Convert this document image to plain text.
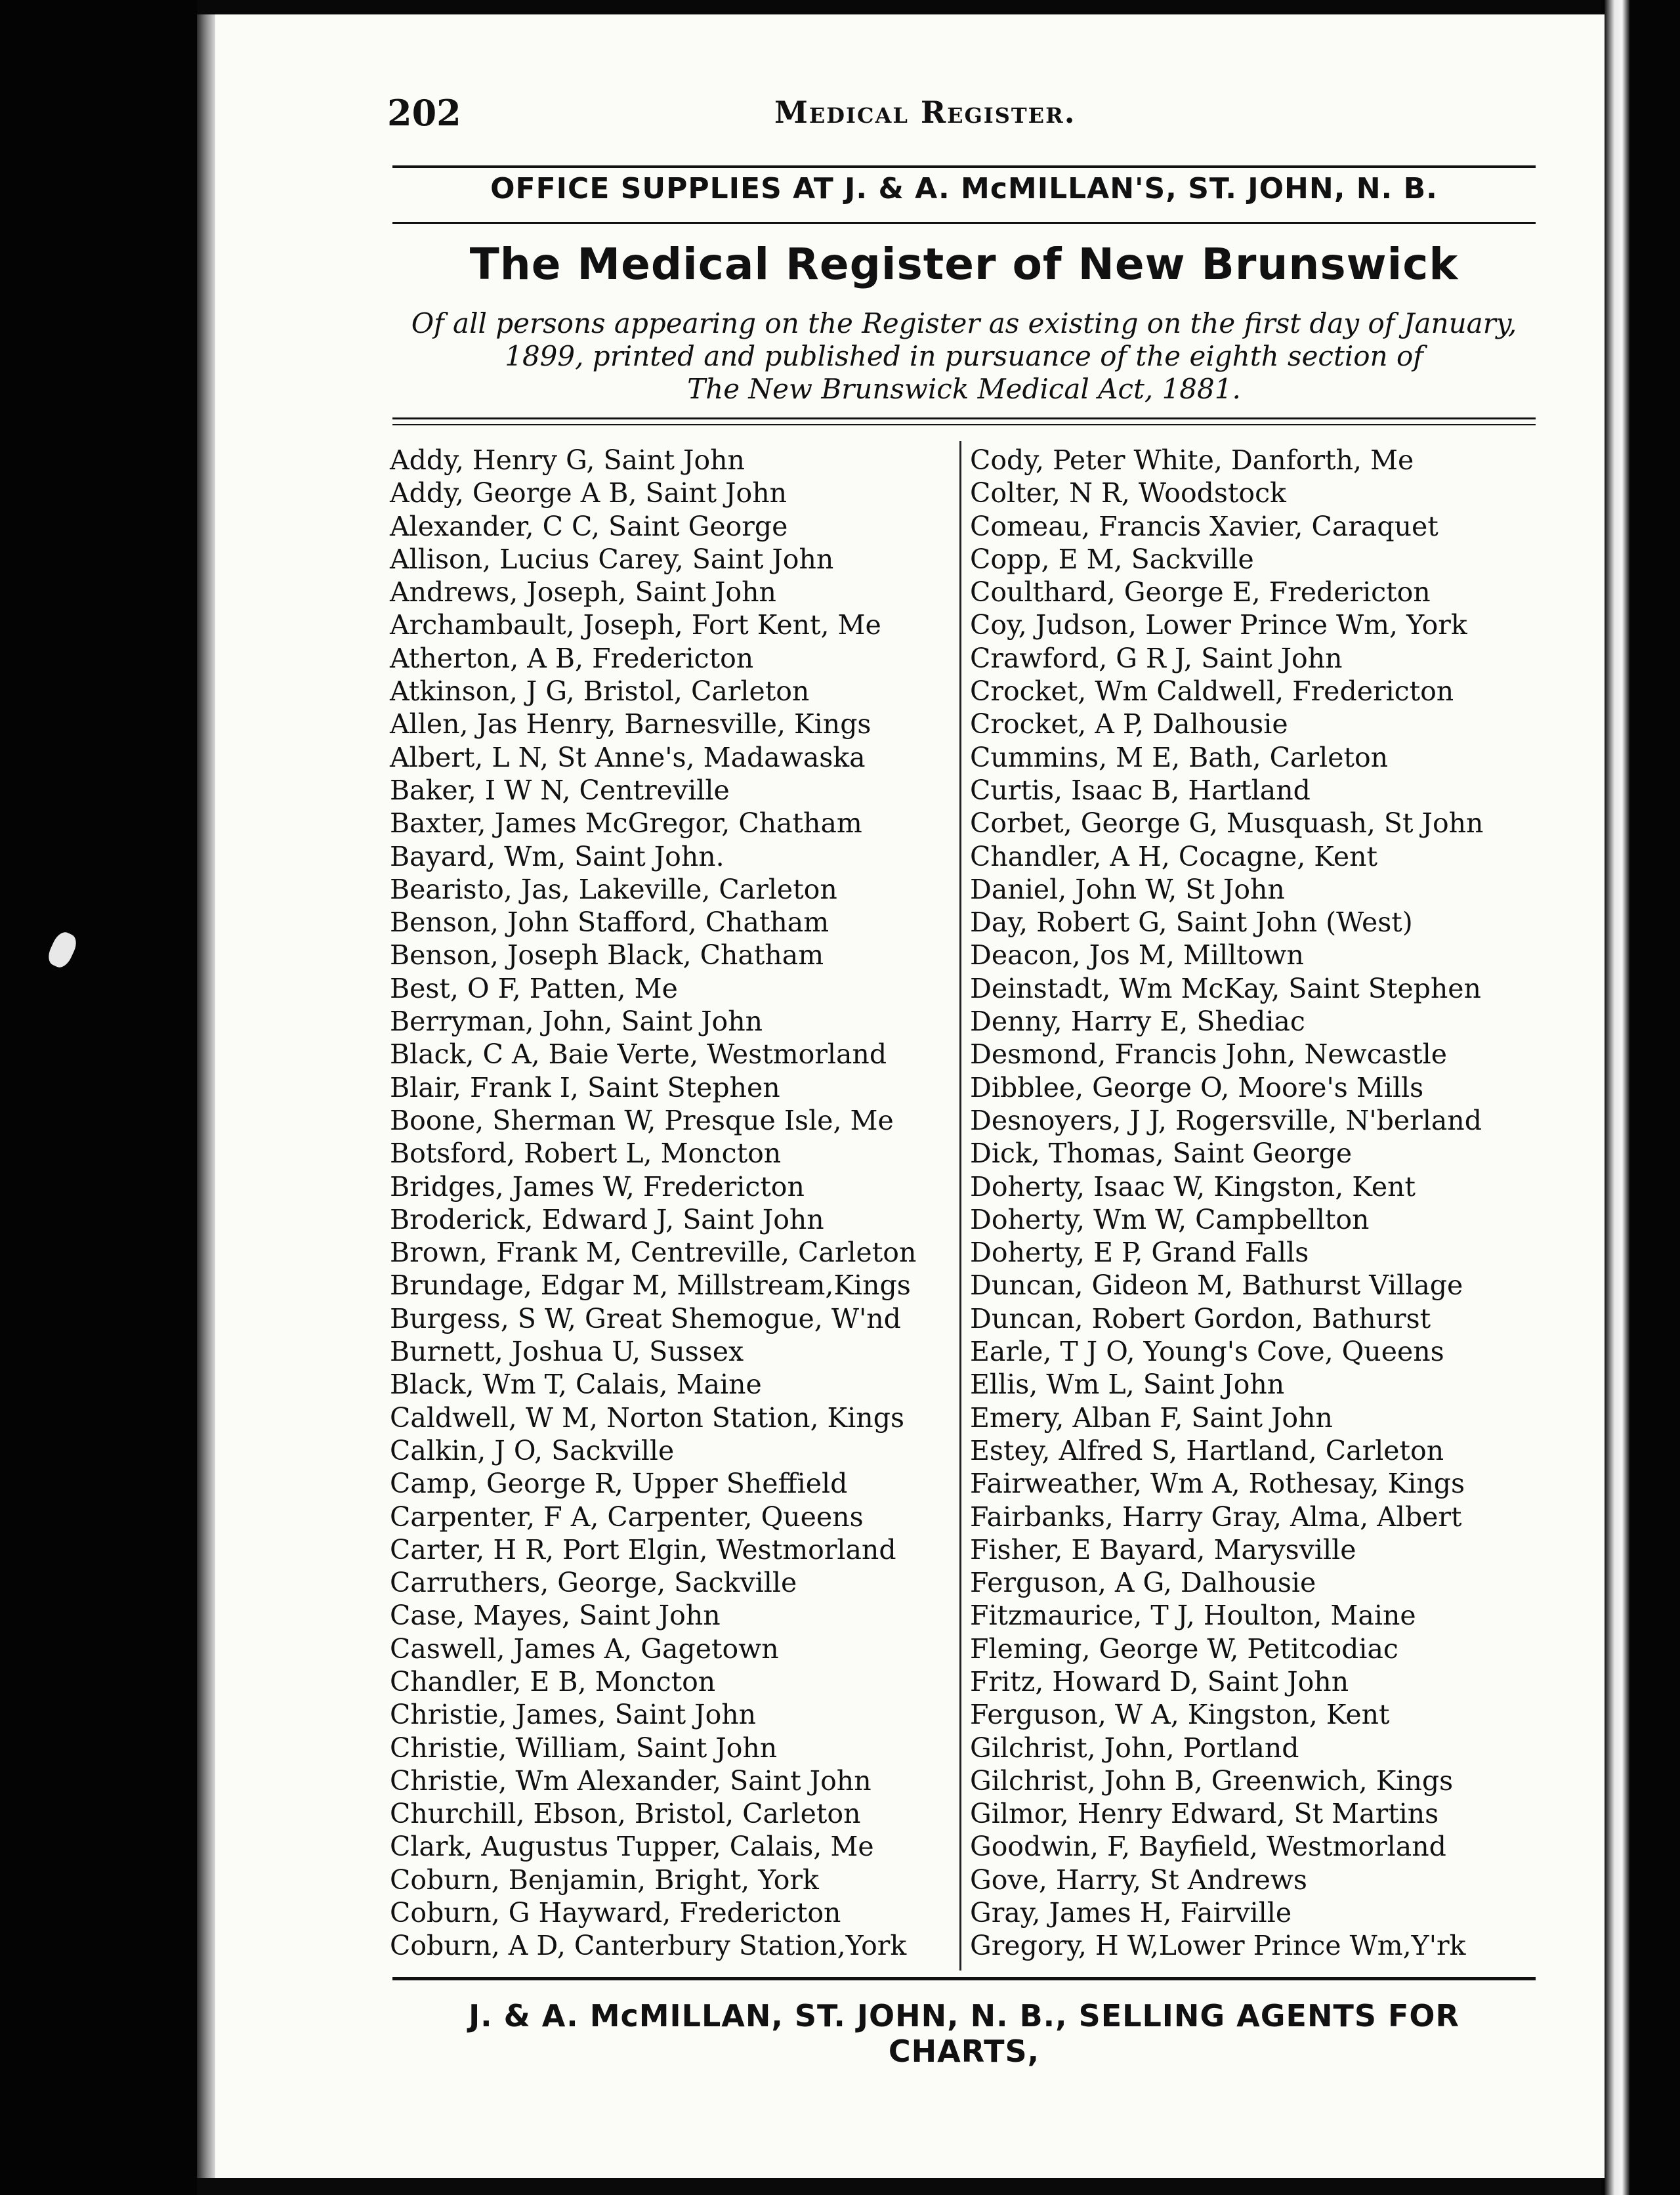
202	Medical Register.
OFFICE SUPPLIES AT J. & A. McMILLAN'S, ST. JOHN, N. B.
The Medical Register of New Brunswick
Of all persons appearing on the Register as existing on the first day of January,
1899, printed and published in pursuance of the eighth section of
The New Brunswick Medical Act, 1881.
Addy, Henry G, Saint John
Addy, George A B, Saint John
Alexander, C C, Saint George
Allison, Lucius Carey, Saint John
Andrews, Joseph, Saint John
Archambault, Joseph, Fort Kent, Me
Atherton, A B, Fredericton
Atkinson, J G, Bristol, Carleton
Allen, Jas Henry, Barnesville, Kings
Albert, L N, St Anne's, Madawaska
Baker, I W N, Centreville
Baxter, James McGregor, Chatham
Bayard, Wm, Saint John.
Bearisto, Jas, Lakeville, Carleton
Benson, John Stafford, Chatham
Benson, Joseph Black, Chatham
Best, O F, Patten, Me
Berryman, John, Saint John
Black, C A, Baie Verte, Westmorland
Blair, Frank I, Saint Stephen
Boone, Sherman W, Presque Isle, Me
Botsford, Robert L, Moncton
Bridges, James W, Fredericton
Broderick, Edward J, Saint John
Brown, Frank M, Centreville, Carleton
Brundage, Edgar M, Millstream,Kings
Burgess, S W, Great Shemogue, W'nd
Burnett, Joshua U, Sussex
Black, Wm T, Calais, Maine
Caldwell, W M, Norton Station, Kings
Calkin, J O, Sackville
Camp, George R, Upper Sheffield
Carpenter, F A, Carpenter, Queens
Carter, H R, Port Elgin, Westmorland
Carruthers, George, Sackville
Case, Mayes, Saint John
Caswell, James A, Gagetown
Chandler, E B, Moncton
Christie, James, Saint John
Christie, William, Saint John
Christie, Wm Alexander, Saint John
Churchill, Ebson, Bristol, Carleton
Clark, Augustus Tupper, Calais, Me
Coburn, Benjamin, Bright, York
Coburn, G Hayward, Fredericton
Coburn, A D, Canterbury Station,York
Cody, Peter White, Danforth, Me
Colter, N R, Woodstock
Comeau, Francis Xavier, Caraquet
Copp, E M, Sackville
Coulthard, George E, Fredericton
Coy, Judson, Lower Prince Wm, York
Crawford, G R J, Saint John
Crocket, Wm Caldwell, Fredericton
Crocket, A P, Dalhousie
Cummins, M E, Bath, Carleton
Curtis, Isaac B, Hartland
Corbet, George G, Musquash, St John
Chandler, A H, Cocagne, Kent
Daniel, John W, St John
Day, Robert G, Saint John (West)
Deacon, Jos M, Milltown
Deinstadt, Wm McKay, Saint Stephen
Denny, Harry E, Shediac
Desmond, Francis John, Newcastle
Dibblee, George O, Moore's Mills
Desnoyers, J J, Rogersville, N'berland
Dick, Thomas, Saint George
Doherty, Isaac W, Kingston, Kent
Doherty, Wm W, Campbellton
Doherty, E P, Grand Falls
Duncan, Gideon M, Bathurst Village
Duncan, Robert Gordon, Bathurst
Earle, T J O, Young's Cove, Queens
Ellis, Wm L, Saint John
Emery, Alban F, Saint John
Estey, Alfred S, Hartland, Carleton
Fairweather, Wm A, Rothesay, Kings
Fairbanks, Harry Gray, Alma, Albert
Fisher, E Bayard, Marysville
Ferguson, A G, Dalhousie
Fitzmaurice, T J, Houlton, Maine
Fleming, George W, Petitcodiac
Fritz, Howard D, Saint John
Ferguson, W A, Kingston, Kent
Gilchrist, John, Portland
Gilchrist, John B, Greenwich, Kings
Gilmor, Henry Edward, St Martins
Goodwin, F, Bayfield, Westmorland
Gove, Harry, St Andrews
Gray, James H, Fairville
Gregory, H W,Lower Prince Wm,Y'rk
J. & A. McMILLAN, ST. JOHN, N. B., SELLING AGENTS FOR CHARTS,
